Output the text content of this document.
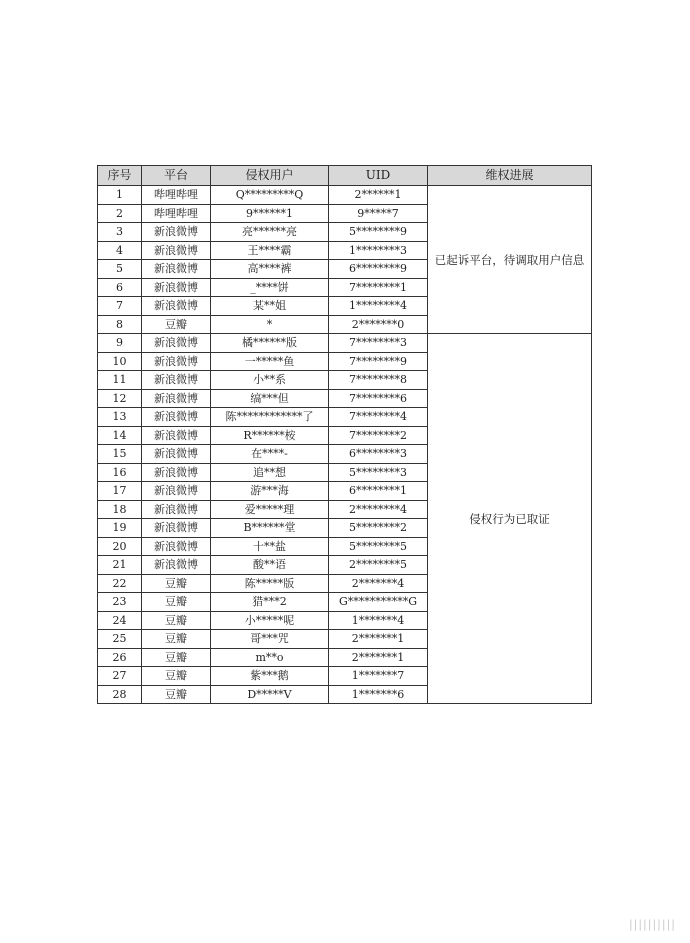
序号	平台	侵权用户	UID	维权进展
1	哔哩哔哩	Q*********Q	2******1	已起诉平台，待调取用户信息
2	哔哩哔哩	9******1	9*****7	
3	新浪微博	亮******亮	5********9	
4	新浪微博	王****霸	1********3	
5	新浪微博	高****裤	6********9	
6	新浪微博	_****饼	7********1	
7	新浪微博	某**姐	1********4	
8	豆瓣	*	2*******0	
9	新浪微博	橘******版	7********3	侵权行为已取证
10	新浪微博	一*****鱼	7********9	
11	新浪微博	小**系	7********8	
12	新浪微博	缟***但	7********6	
13	新浪微博	陈************了	7********4	
14	新浪微博	R******桉	7********2	
15	新浪微博	在****-	6********3	
16	新浪微博	追**想	5********3	
17	新浪微博	游***海	6********1	
18	新浪微博	爱*****理	2********4	
19	新浪微博	B******堂	5********2	
20	新浪微博	十**盐	5********5	
21	新浪微博	酸**语	2********5	
22	豆瓣	陈*****版	2*******4	
23	豆瓣	猎***2	G***********G	
24	豆瓣	小*****呢	1*******4	
25	豆瓣	哥***咒	2*******1	
26	豆瓣	m**o	2*******1	
27	豆瓣	紫***鹅	1*******7	
28	豆瓣	D*****V	1*******6	
||||||||||
